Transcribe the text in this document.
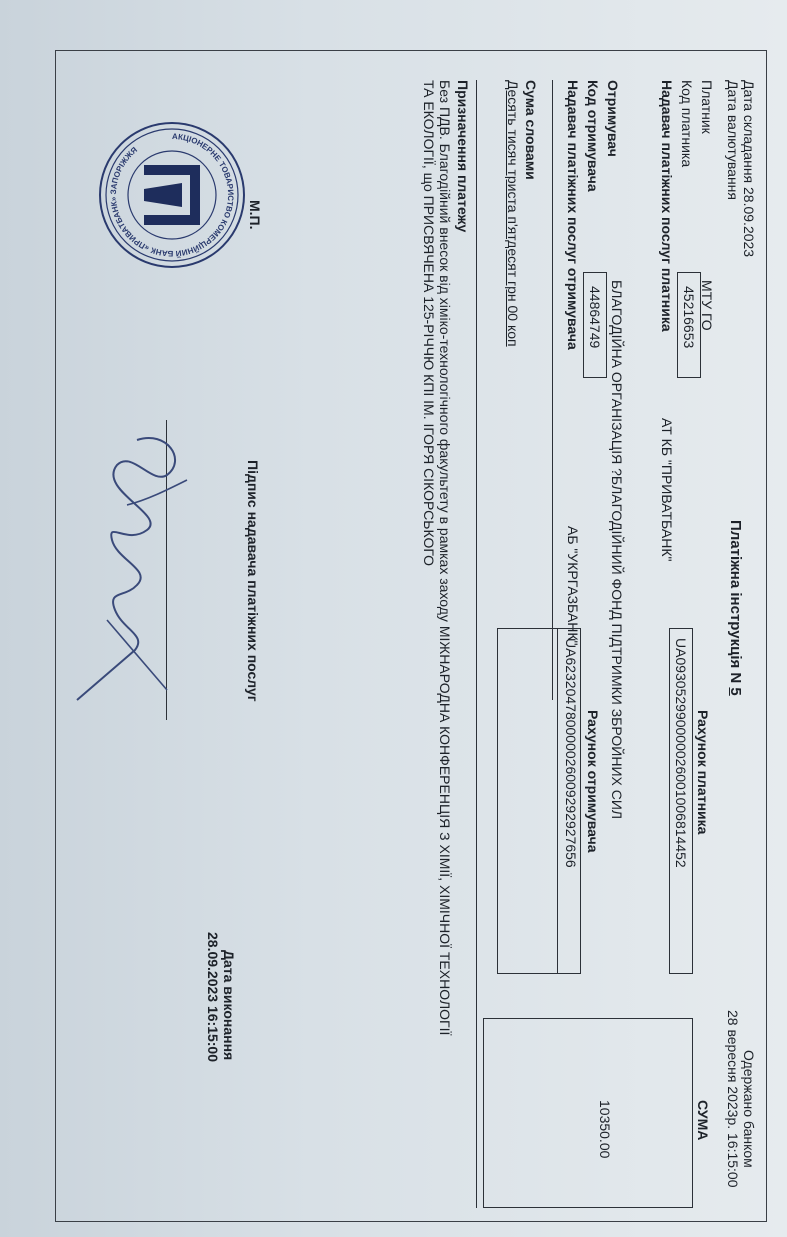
Дата складання 28.09.2023
Дата валютування
Платіжна інструкція N 5
Одержано банком
28 вересня 2023р. 16:15:00
Платник
МТУ ГО
Код платника
45216653
Надавач платіжних послуг платника
АТ КБ "ПРИВАТБАНК"
Рахунок платника
UA093052990000026001006814452
СУМА
10350.00
Отримувач
БЛАГОДІЙНА ОРГАНІЗАЦІЯ ?БЛАГОДІЙНИЙ ФОНД ПІДТРИМКИ ЗБРОЙНИХ СИЛ
Код отримувача
44864749
Надавач платіжних послуг отримувача
АБ "УКРГАЗБАНК"
Рахунок отримувача
UA623204780000026009292927656
Сума словами
Десять тисяч триста п'ятдесят грн 00 коп
Призначення платежу
Без ПДВ. Благодійний внесок від хіміко-технологічного факультету в рамках заходу МІЖНАРОДНА КОНФЕРЕНЦІЯ З ХІМІЇ, ХІМІЧНОЇ ТЕХНОЛОГІЇ
ТА ЕКОЛОГІЇ, що ПРИСВЯЧЕНА 125-РІЧЧЮ КПІ ІМ. ІГОРЯ СІКОРСЬКОГО
М.П.
Підпис надавача платіжних послуг
Дата виконання
28.09.2023 16:15:00
АКЦІОНЕРНЕ ТОВАРИСТВО КОМЕРЦІЙНИЙ БАНК «ПРИВАТБАНК» ЗАПОРІЖЖЯ
